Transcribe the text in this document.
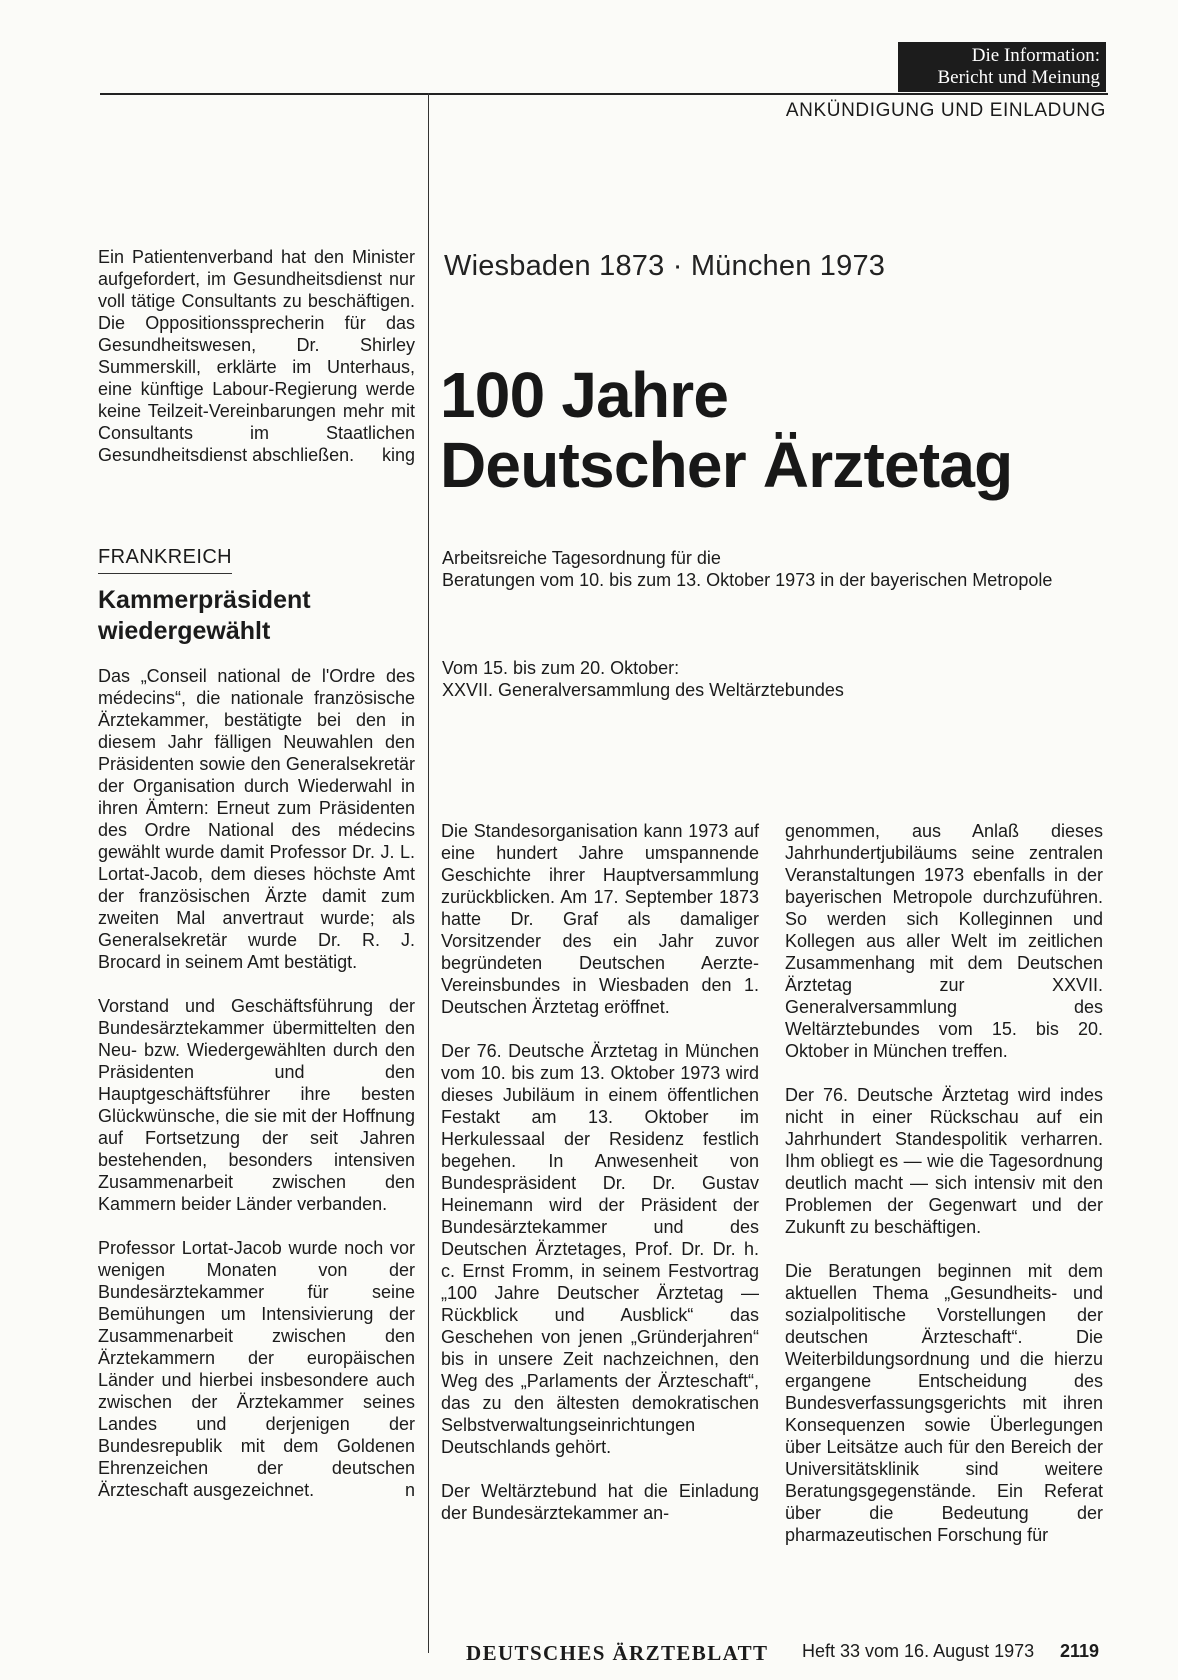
Die Information:
Bericht und Meinung
ANKÜNDIGUNG UND EINLADUNG
Ein Patientenverband hat den Minister aufgefordert, im Gesundheitsdienst nur voll tätige Consultants zu beschäftigen. Die Oppositionssprecherin für das Gesundheitswesen, Dr. Shirley Summerskill, erklärte im Unterhaus, eine künftige Labour-Regierung werde keine Teilzeit-Vereinbarungen mehr mit Consultants im Staatlichen Gesundheitsdienst abschließen. king
FRANKREICH
Kammerpräsident wiedergewählt

Das „Conseil national de l'Ordre des médecins“, die nationale französische Ärztekammer, bestätigte bei den in diesem Jahr fälligen Neuwahlen den Präsidenten sowie den Generalsekretär der Organisation durch Wiederwahl in ihren Ämtern: Erneut zum Präsidenten des Ordre National des médecins gewählt wurde damit Professor Dr. J. L. Lortat-Jacob, dem dieses höchste Amt der französischen Ärzte damit zum zweiten Mal anvertraut wurde; als Generalsekretär wurde Dr. R. J. Brocard in seinem Amt bestätigt.

Vorstand und Geschäftsführung der Bundesärztekammer übermittelten den Neu- bzw. Wiedergewählten durch den Präsidenten und den Hauptgeschäftsführer ihre besten Glückwünsche, die sie mit der Hoffnung auf Fortsetzung der seit Jahren bestehenden, besonders intensiven Zusammenarbeit zwischen den Kammern beider Länder verbanden.

Professor Lortat-Jacob wurde noch vor wenigen Monaten von der Bundesärztekammer für seine Bemühungen um Intensivierung der Zusammenarbeit zwischen den Ärztekammern der europäischen Länder und hierbei insbesondere auch zwischen der Ärztekammer seines Landes und derjenigen der Bundesrepublik mit dem Goldenen Ehrenzeichen der deutschen Ärzteschaft ausgezeichnet.	n

Wiesbaden 1873 · München 1973
100 Jahre
Deutscher Ärztetag
Arbeitsreiche Tagesordnung für die
Beratungen vom 10. bis zum 13. Oktober 1973 in der bayerischen Metropole
Vom 15. bis zum 20. Oktober:
XXVII. Generalversammlung des Weltärztebundes

Die Standesorganisation kann 1973 auf eine hundert Jahre umspannende Geschichte ihrer Hauptversammlung zurückblicken. Am 17. September 1873 hatte Dr. Graf als damaliger Vorsitzender des ein Jahr zuvor begründeten Deutschen Aerzte-Vereinsbundes in Wiesbaden den 1. Deutschen Ärztetag eröffnet.

Der 76. Deutsche Ärztetag in München vom 10. bis zum 13. Oktober 1973 wird dieses Jubiläum in einem öffentlichen Festakt am 13. Oktober im Herkulessaal der Residenz festlich begehen. In Anwesenheit von Bundespräsident Dr. Dr. Gustav Heinemann wird der Präsident der Bundesärztekammer und des Deutschen Ärztetages, Prof. Dr. Dr. h. c. Ernst Fromm, in seinem Festvortrag „100 Jahre Deutscher Ärztetag — Rückblick und Ausblick“ das Geschehen von jenen „Gründerjahren“ bis in unsere Zeit nachzeichnen, den Weg des „Parlaments der Ärzteschaft“, das zu den ältesten demokratischen Selbstverwaltungseinrichtungen Deutschlands gehört.

Der Weltärztebund hat die Einladung der Bundesärztekammer an-

genommen, aus Anlaß dieses Jahrhundertjubiläums seine zentralen Veranstaltungen 1973 ebenfalls in der bayerischen Metropole durchzuführen. So werden sich Kolleginnen und Kollegen aus aller Welt im zeitlichen Zusammenhang mit dem Deutschen Ärztetag zur XXVII. Generalversammlung des Weltärztebundes vom 15. bis 20. Oktober in München treffen.

Der 76. Deutsche Ärztetag wird indes nicht in einer Rückschau auf ein Jahrhundert Standespolitik verharren. Ihm obliegt es — wie die Tagesordnung deutlich macht — sich intensiv mit den Problemen der Gegenwart und der Zukunft zu beschäftigen.

Die Beratungen beginnen mit dem aktuellen Thema „Gesundheits- und sozialpolitische Vorstellungen der deutschen Ärzteschaft“. Die Weiterbildungsordnung und die hierzu ergangene Entscheidung des Bundesverfassungsgerichts mit ihren Konsequenzen sowie Überlegungen über Leitsätze auch für den Bereich der Universitätsklinik sind weitere Beratungsgegenstände. Ein Referat über die Bedeutung der pharmazeutischen Forschung für

DEUTSCHES ÄRZTEBLATT Heft 33 vom 16. August 1973 2119
